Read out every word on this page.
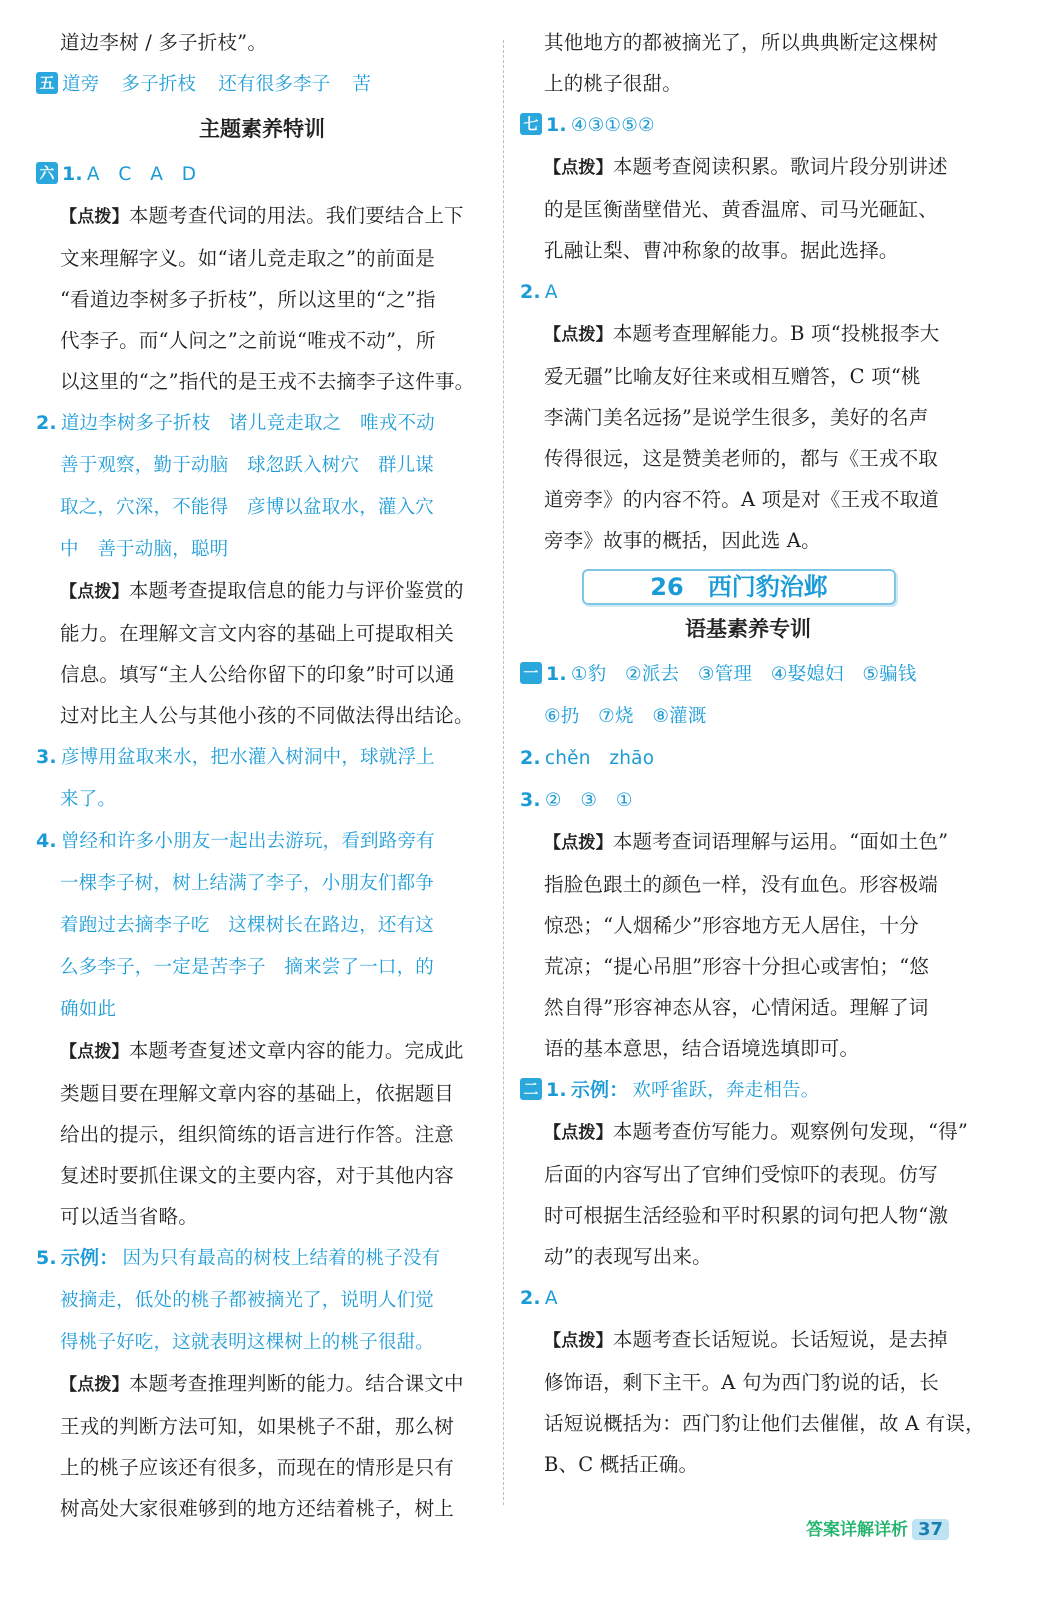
道边李树 / 多子折枝”。
五 道旁 多子折枝 还有很多李子 苦
主题素养特训
六 1. A　C　A　D
【点拨】本题考查代词的用法。我们要结合上下
文来理解字义。如“诸儿竞走取之”的前面是
“看道边李树多子折枝”，所以这里的“之”指
代李子。而“人问之”之前说“唯戎不动”，所
以这里的“之”指代的是王戎不去摘李子这件事。
2. 道边李树多子折枝　诸儿竞走取之　唯戎不动
善于观察，勤于动脑　球忽跃入树穴　群儿谋
取之，穴深，不能得　彦博以盆取水，灌入穴
中　善于动脑，聪明
【点拨】本题考查提取信息的能力与评价鉴赏的
能力。在理解文言文内容的基础上可提取相关
信息。填写“主人公给你留下的印象”时可以通
过对比主人公与其他小孩的不同做法得出结论。
3. 彦博用盆取来水，把水灌入树洞中，球就浮上
来了。
4. 曾经和许多小朋友一起出去游玩，看到路旁有
一棵李子树，树上结满了李子，小朋友们都争
着跑过去摘李子吃　这棵树长在路边，还有这
么多李子，一定是苦李子　摘来尝了一口，的
确如此
【点拨】本题考查复述文章内容的能力。完成此
类题目要在理解文章内容的基础上，依据题目
给出的提示，组织简练的语言进行作答。注意
复述时要抓住课文的主要内容，对于其他内容
可以适当省略。
5. 示例： 因为只有最高的树枝上结着的桃子没有
被摘走，低处的桃子都被摘光了，说明人们觉
得桃子好吃，这就表明这棵树上的桃子很甜。
【点拨】本题考查推理判断的能力。结合课文中
王戎的判断方法可知，如果桃子不甜，那么树
上的桃子应该还有很多，而现在的情形是只有
树高处大家很难够到的地方还结着桃子，树上
其他地方的都被摘光了，所以典典断定这棵树
上的桃子很甜。
七 1. ④③①⑤②
【点拨】本题考查阅读积累。歌词片段分别讲述
的是匡衡凿壁借光、黄香温席、司马光砸缸、
孔融让梨、曹冲称象的故事。据此选择。
2. A
【点拨】本题考查理解能力。B 项“投桃报李大
爱无疆”比喻友好往来或相互赠答，C 项“桃
李满门美名远扬”是说学生很多，美好的名声
传得很远，这是赞美老师的，都与《王戎不取
道旁李》的内容不符。A 项是对《王戎不取道
旁李》故事的概括，因此选 A。
26 西门豹治邺
语基素养专训
一 1. ①豹　②派去　③管理　④娶媳妇　⑤骗钱
⑥扔　⑦烧　⑧灌溉
2. chěn　zhāo
3. ②　③　①
【点拨】本题考查词语理解与运用。“面如土色”
指脸色跟土的颜色一样，没有血色。形容极端
惊恐；“人烟稀少”形容地方无人居住，十分
荒凉；“提心吊胆”形容十分担心或害怕；“悠
然自得”形容神态从容，心情闲适。理解了词
语的基本意思，结合语境选填即可。
二 1. 示例： 欢呼雀跃，奔走相告。
【点拨】本题考查仿写能力。观察例句发现，“得”
后面的内容写出了官绅们受惊吓的表现。仿写
时可根据生活经验和平时积累的词句把人物“激
动”的表现写出来。
2. A
【点拨】本题考查长话短说。长话短说，是去掉
修饰语，剩下主干。A 句为西门豹说的话，长
话短说概括为：西门豹让他们去催催，故 A 有误，
B、C 概括正确。
答案详解详析 37
